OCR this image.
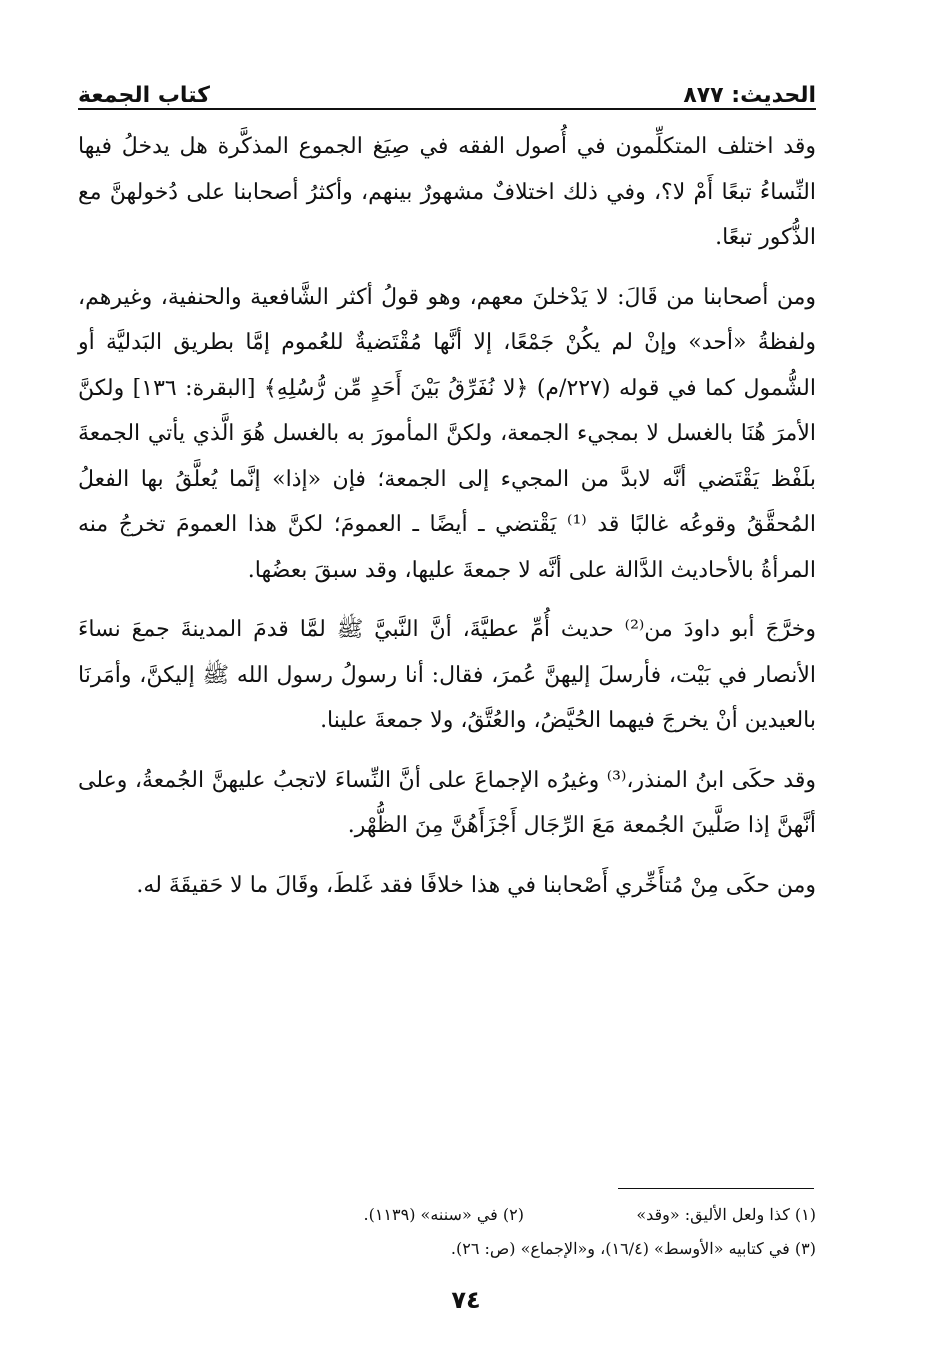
الحديث: ٨٧٧
كتاب الجمعة

وقد اختلف المتكلِّمون في أُصول الفقه في صِيَغ الجموع المذكَّرة هل يدخلُ فيها النِّساءُ تبعًا أَمْ لا؟، وفي ذلك اختلافٌ مشهورٌ بينهم، وأكثرُ أصحابنا على دُخولهنَّ مع الذُّكور تبعًا.

ومن أصحابنا من قَالَ: لا يَدْخلنَ معهم، وهو قولُ أكثر الشَّافعية والحنفية، وغيرهم، ولفظةُ «أحد» وإنْ لم يكُنْ جَمْعًا، إلا أنَّها مُقْتَضيةٌ للعُموم إمَّا بطريق البَدليَّة أو الشُّمول كما في قوله (٢٢٧/م) ﴿لا نُفَرِّقُ بَيْنَ أَحَدٍ مِّن رُّسُلِهِ﴾ [البقرة: ١٣٦] ولكنَّ الأمرَ هُنَا بالغسل لا بمجيء الجمعة، ولكنَّ المأمورَ به بالغسل هُوَ الَّذي يأتي الجمعةَ بلَفْظ يَقْتَضي أنَّه لابدَّ من المجيء إلى الجمعة؛ فإن «إذا» إنَّما يُعلَّقُ بها الفعلُ المُحقَّقُ وقوعُه غالبًا قد ⁽¹⁾ يَقْتضي ـ أيضًا ـ العمومَ؛ لكنَّ هذا العمومَ تخرجُ منه المرأةُ بالأحاديث الدَّالة على أنَّه لا جمعةَ عليها، وقد سبقَ بعضُها.

وخرَّجَ أبو داودَ من⁽²⁾ حديث أُمِّ عطيَّةَ، أنَّ النَّبيَّ ﷺ لمَّا قدمَ المدينةَ جمعَ نساءَ الأنصار في بَيْت، فأرسلَ إليهنَّ عُمرَ، فقال: أنا رسولُ رسول الله ﷺ إليكنَّ، وأمَرنَا بالعيدين أنْ يخرجَ فيهما الحُيَّضُ، والعُتَّقُ، ولا جمعةَ علينا.

وقد حكَى ابنُ المنذر،⁽³⁾ وغيرُه الإجماعَ على أنَّ النِّساءَ لاتجبُ عليهنَّ الجُمعةُ، وعلى أنَّهنَّ إذا صَلَّينَ الجُمعة مَعَ الرِّجَال أَجْزَأَهُنَّ مِنَ الظُّهْر.

ومن حكَى مِنْ مُتأَخِّري أَصْحابنا في هذا خلافًا فقد غَلطَ، وقَالَ ما لا حَقيقَةَ له.

(١) كذا ولعل الأليق: «وقد»
(٢) في «سننه» (١١٣٩).
(٣) في كتابيه «الأوسط» (١٦/٤)، و«الإجماع» (ص: ٢٦).
٧٤
